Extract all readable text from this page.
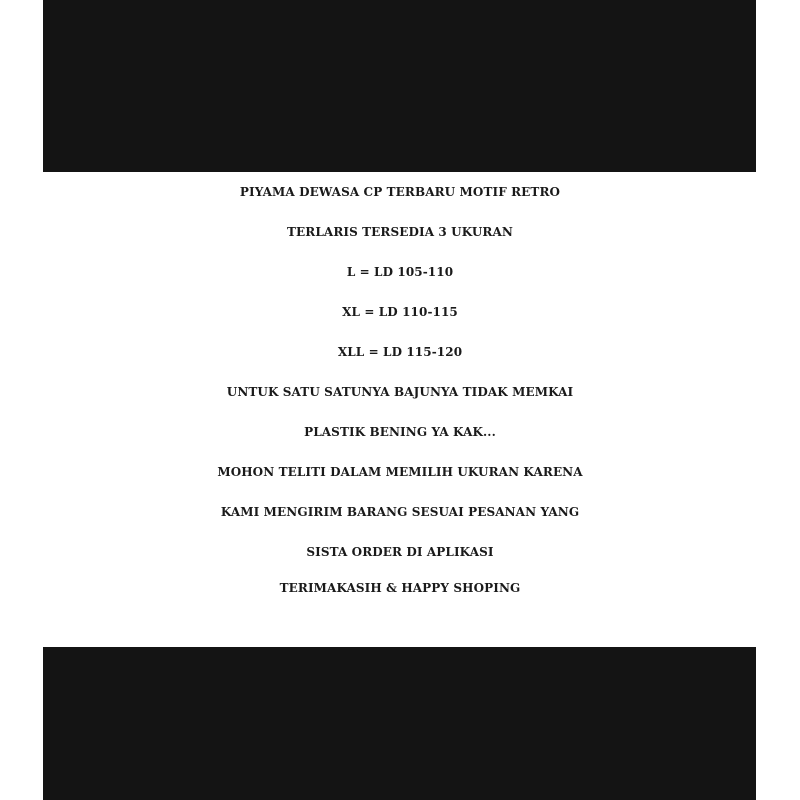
PIYAMA DEWASA CP TERBARU MOTIF RETRO
TERLARIS TERSEDIA 3 UKURAN
L = LD 105-110
XL = LD 110-115
XLL = LD 115-120
UNTUK SATU SATUNYA BAJUNYA TIDAK MEMKAI
PLASTIK BENING YA KAK...
MOHON TELITI DALAM MEMILIH UKURAN KARENA
KAMI MENGIRIM BARANG SESUAI PESANAN YANG
SISTA ORDER DI APLIKASI
TERIMAKASIH & HAPPY SHOPING
